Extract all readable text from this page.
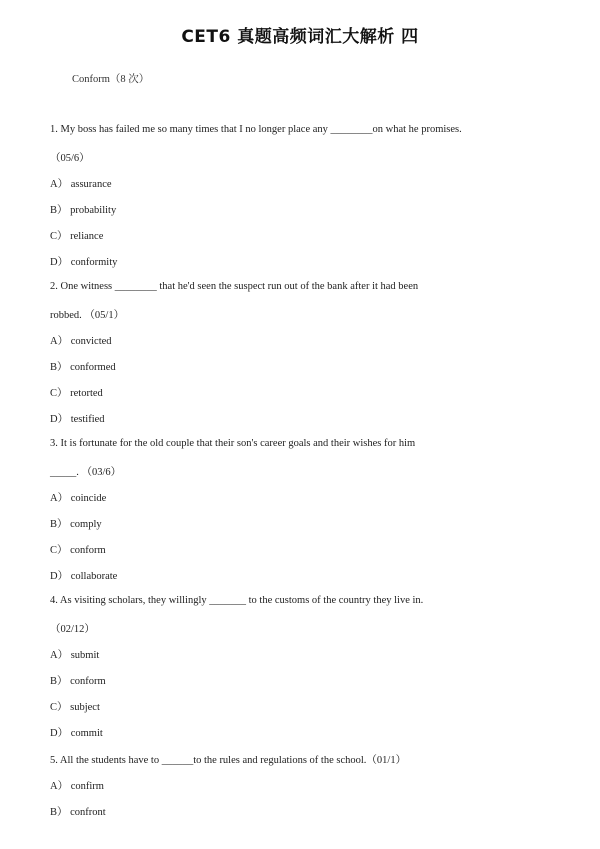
CET6 真题高频词汇大解析 四
Conform（8 次）
1. My boss has failed me so many times that I no longer place any ________on what he promises.
（05/6）
A） assurance
B） probability
C） reliance
D） conformity
2. One witness ________ that he'd seen the suspect run out of the bank after it had been
robbed. （05/1）
A） convicted
B） conformed
C） retorted
D） testified
3. It is fortunate for the old couple that their son's career goals and their wishes for him
_____. （03/6）
A） coincide
B） comply
C） conform
D） collaborate
4. As visiting scholars, they willingly _______ to the customs of the country they live in.
（02/12）
A） submit
B） conform
C） subject
D） commit
5. All the students have to ______to the rules and regulations of the school.（01/1）
A） confirm
B） confront
